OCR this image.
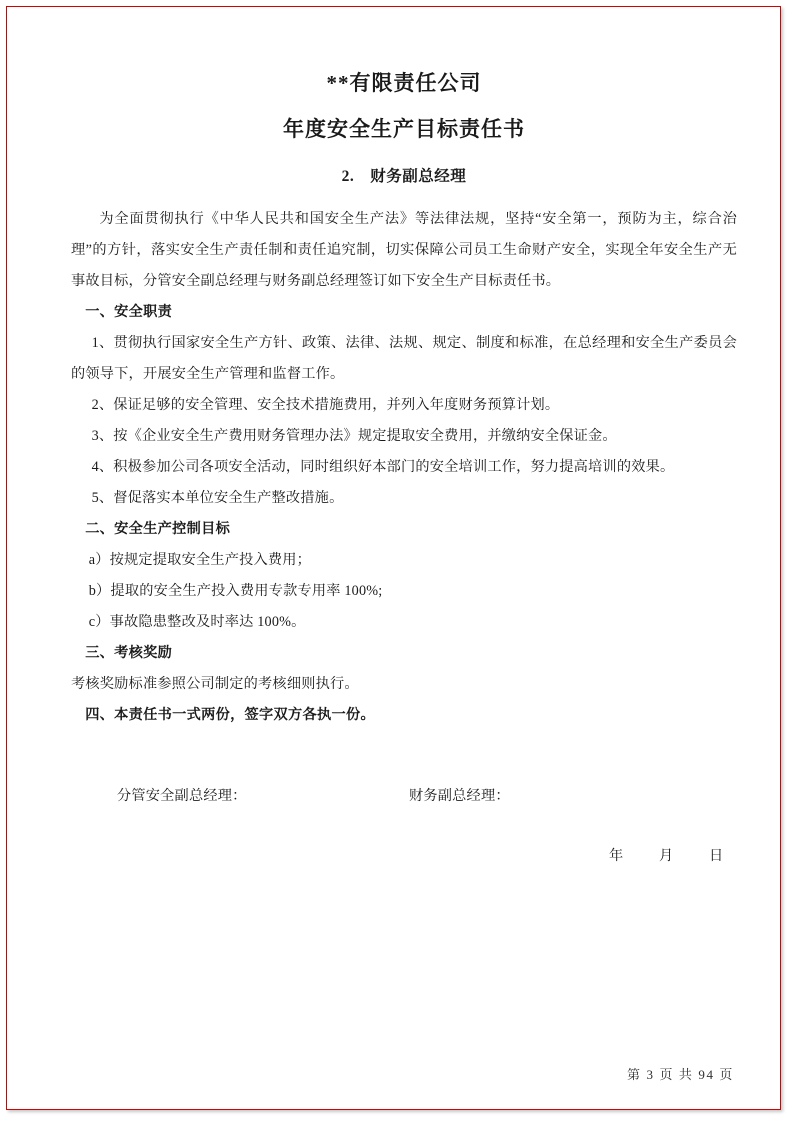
**有限责任公司
年度安全生产目标责任书
2.　财务副总经理

为全面贯彻执行《中华人民共和国安全生产法》等法律法规，坚持“安全第一，预防为主，综合治理”的方针，落实安全生产责任制和责任追究制，切实保障公司员工生命财产安全，实现全年安全生产无事故目标，分管安全副总经理与财务副总经理签订如下安全生产目标责任书。

一、安全职责

1、贯彻执行国家安全生产方针、政策、法律、法规、规定、制度和标准，在总经理和安全生产委员会的领导下，开展安全生产管理和监督工作。

2、保证足够的安全管理、安全技术措施费用，并列入年度财务预算计划。

3、按《企业安全生产费用财务管理办法》规定提取安全费用，并缴纳安全保证金。

4、积极参加公司各项安全活动，同时组织好本部门的安全培训工作，努力提高培训的效果。

5、督促落实本单位安全生产整改措施。

二、安全生产控制目标

a）按规定提取安全生产投入费用；

b）提取的安全生产投入费用专款专用率 100%;

c）事故隐患整改及时率达 100%。

三、考核奖励

考核奖励标准参照公司制定的考核细则执行。

四、本责任书一式两份，签字双方各执一份。
分管安全副总经理：	财务副总经理：
年	月	日
第 3 页 共 94 页
